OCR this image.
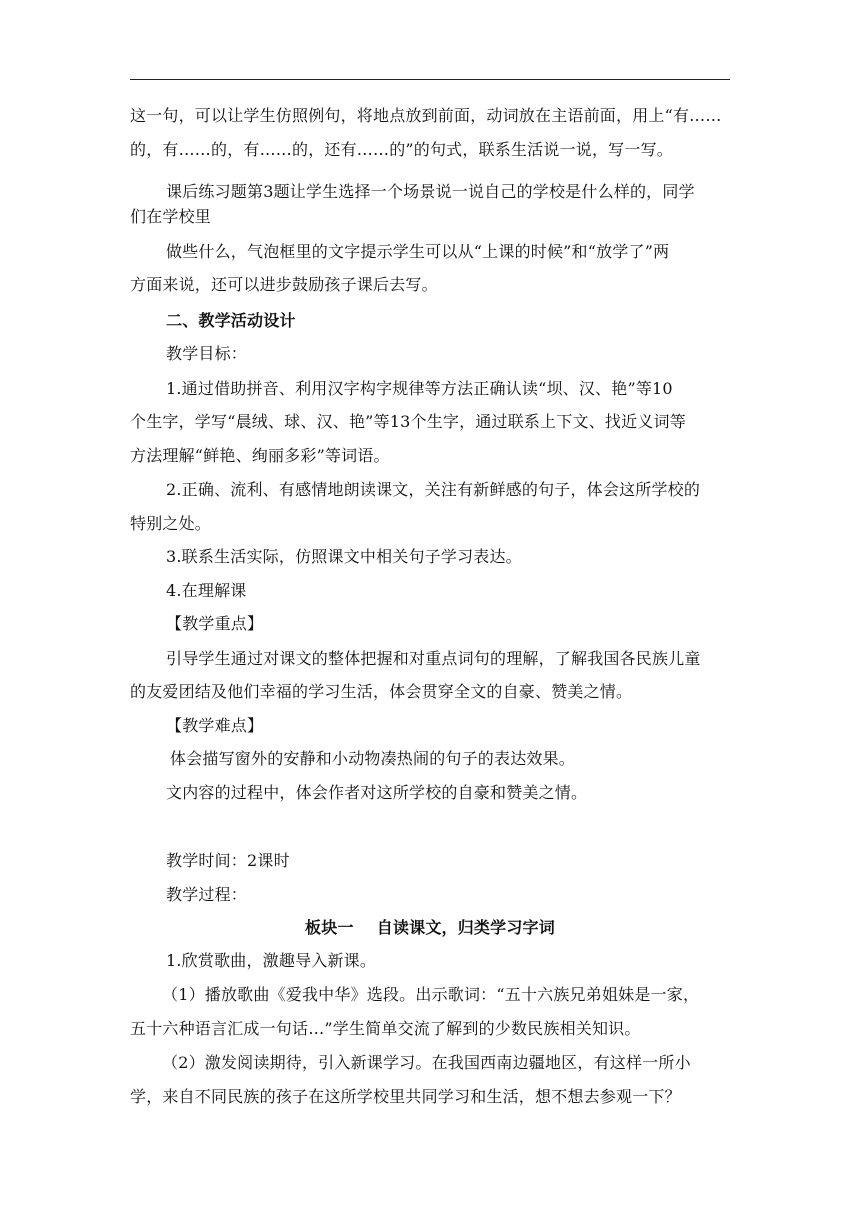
这一句，可以让学生仿照例句，将地点放到前面，动词放在主语前面，用上“有……
的，有……的，有……的，还有……的”的句式，联系生活说一说，写一写。
课后练习题第3题让学生选择一个场景说一说自己的学校是什么样的，同学
们在学校里
做些什么，气泡框里的文字提示学生可以从“上课的时候”和“放学了”两
方面来说，还可以进步鼓励孩子课后去写。
二、教学活动设计
教学目标：
1.通过借助拼音、利用汉字构字规律等方法正确认读“坝、汉、艳”等10
个生字，学写“晨绒、球、汉、艳”等13个生字，通过联系上下文、找近义词等
方法理解“鲜艳、绚丽多彩”等词语。
2.正确、流利、有感情地朗读课文，关注有新鲜感的句子，体会这所学校的
特别之处。
3.联系生活实际，仿照课文中相关句子学习表达。
4.在理解课
【教学重点】
引导学生通过对课文的整体把握和对重点词句的理解，了解我国各民族儿童
的友爱团结及他们幸福的学习生活，体会贯穿全文的自豪、赞美之情。
【教学难点】
体会描写窗外的安静和小动物凑热闹的句子的表达效果。
文内容的过程中，体会作者对这所学校的自豪和赞美之情。
教学时间：2课时
教学过程：
板块一    自读课文，归类学习字词
1.欣赏歌曲，激趣导入新课。
（1）播放歌曲《爱我中华》选段。出示歌词：“五十六族兄弟姐妹是一家，
五十六种语言汇成一句话…”学生简单交流了解到的少数民族相关知识。
（2）激发阅读期待，引入新课学习。在我国西南边疆地区，有这样一所小
学，来自不同民族的孩子在这所学校里共同学习和生活，想不想去参观一下？
